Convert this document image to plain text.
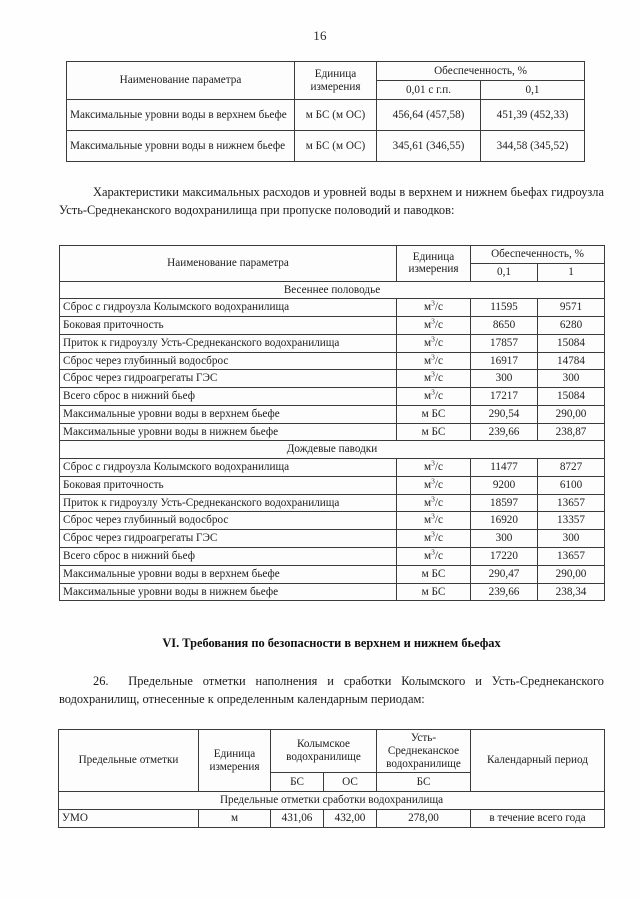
16
Наименование параметра	Единица измерения	Обеспеченность, %	
		0,01 с г.п.	0,1
Максимальные уровни воды в верхнем бьефе	м БС (м ОС)	456,64 (457,58)	451,39 (452,33)
Максимальные уровни воды в нижнем бьефе	м БС (м ОС)	345,61 (346,55)	344,58 (345,52)
Характеристики максимальных расходов и уровней воды в верхнем и нижнем бьефах гидроузла Усть-Среднеканского водохранилища при пропуске половодий и паводков:
Наименование параметра	Единица измерения	Обеспеченность, %	
		0,1	1
Весеннее половодье			
Сброс с гидроузла Колымского водохранилища	$м^3/с$	11595	9571
Боковая приточность	$м^3/с$	8650	6280
Приток к гидроузлу Усть-Среднеканского водохранилища	$м^3/с$	17857	15084
Сброс через глубинный водосброс	$м^3/с$	16917	14784
Сброс через гидроагрегаты ГЭС	$м^3/с$	300	300
Всего сброс в нижний бьеф	$м^3/с$	17217	15084
Максимальные уровни воды в верхнем бьефе	м БС	290,54	290,00
Максимальные уровни воды в нижнем бьефе	м БС	239,66	238,87
Дождевые паводки			
Сброс с гидроузла Колымского водохранилища	$м^3/с$	11477	8727
Боковая приточность	$м^3/с$	9200	6100
Приток к гидроузлу Усть-Среднеканского водохранилища	$м^3/с$	18597	13657
Сброс через глубинный водосброс	$м^3/с$	16920	13357
Сброс через гидроагрегаты ГЭС	$м^3/с$	300	300
Всего сброс в нижний бьеф	$м^3/с$	17220	13657
Максимальные уровни воды в верхнем бьефе	м БС	290,47	290,00
Максимальные уровни воды в нижнем бьефе	м БС	239,66	238,34
VI. Требования по безопасности в верхнем и нижнем бьефах
26. Предельные отметки наполнения и сработки Колымского и Усть-Среднеканского водохранилищ, отнесенные к определенным календарным периодам:
Предельные отметки	Единица измерения	Колымское водохранилище		Усть-Среднеканское водохранилище	Календарный период
		БС	ОС	БС	
Предельные отметки сработки водохранилища					
УМО	м	431,06	432,00	278,00	в течение всего года
